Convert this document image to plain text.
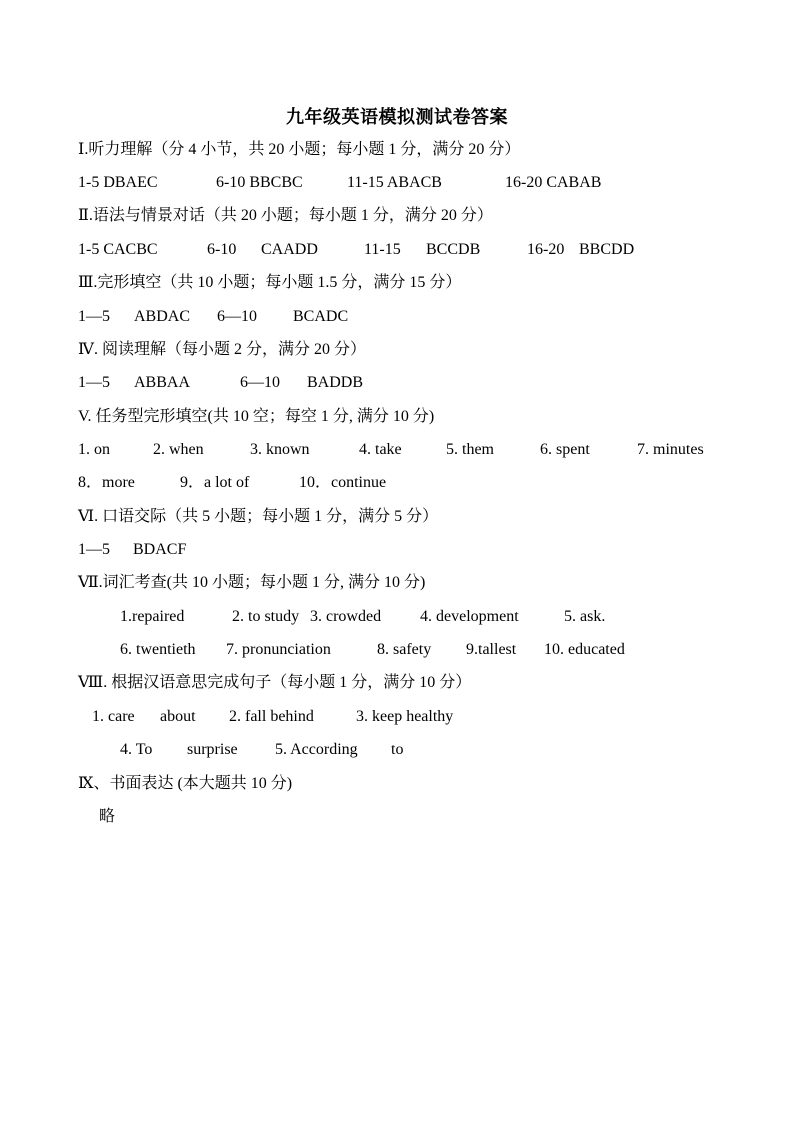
九年级英语模拟测试卷答案
Ⅰ.听力理解（分 4 小节，共 20 小题；每小题 1 分，满分 20 分）
1-5 DBAEC	6-10 BBCBC	11-15 ABACB	16-20 CABAB
Ⅱ.语法与情景对话（共 20 小题；每小题 1 分，满分 20 分）
1-5 CACBC	6-10 CAADD	11-15 BCCDB	16-20 BBCDD
Ⅲ.完形填空（共 10 小题；每小题 1.5 分，满分 15 分）
1—5 ABDAC 6—10 BCADC
Ⅳ. 阅读理解（每小题 2 分，满分 20 分）
1—5 ABBAA	6—10 BADDB
V. 任务型完形填空(共 10 空；每空 1 分, 满分 10 分)
1. on	2. when	3. known	4. take	5. them	6. spent	7. minutes
8．more	9．a lot of	10．continue
Ⅵ. 口语交际（共 5 小题；每小题 1 分，满分 5 分）
1—5 BDACF
Ⅶ.词汇考查(共 10 小题；每小题 1 分, 满分 10 分)
1.repaired	2. to study 3. crowded 4. development	5. ask.
6. twentieth 7. pronunciation	8. safety 9.tallest 10. educated
Ⅷ. 根据汉语意思完成句子（每小题 1 分，满分 10 分）
1. care about 2. fall behind	3. keep healthy
4. To surprise 5. According to
Ⅸ、书面表达 (本大题共 10 分)
略
